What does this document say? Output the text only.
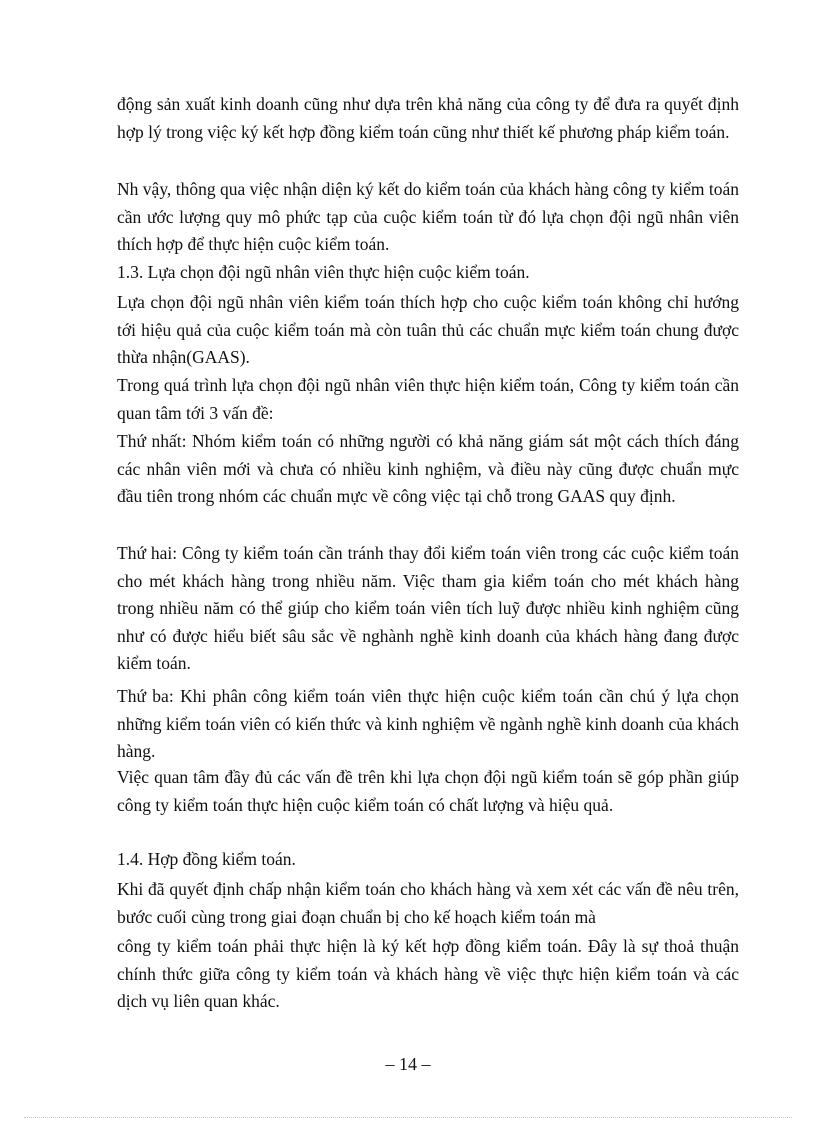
động sản xuất kinh doanh cũng như dựa trên khả năng của công ty để đưa ra quyết định hợp lý trong việc ký kết hợp đồng kiểm toán cũng như thiết kế phương pháp kiểm toán.

Nh vậy, thông qua việc nhận diện ký kết do kiểm toán của khách hàng công ty kiểm toán cần ước lượng quy mô phức tạp của cuộc kiểm toán từ đó lựa chọn đội ngũ nhân viên thích hợp để thực hiện cuộc kiểm toán.

1.3. Lựa chọn đội ngũ nhân viên thực hiện cuộc kiểm toán.

Lựa chọn đội ngũ nhân viên kiểm toán thích hợp cho cuộc kiểm toán không chỉ hướng tới hiệu quả của cuộc kiểm toán mà còn tuân thủ các chuẩn mực kiểm toán chung được thừa nhận(GAAS).

Trong quá trình lựa chọn đội ngũ nhân viên thực hiện kiểm toán, Công ty kiểm toán cần quan tâm tới 3 vấn đề:

Thứ nhất: Nhóm kiểm toán có những người có khả năng giám sát một cách thích đáng các nhân viên mới và chưa có nhiều kinh nghiệm, và điều này cũng được chuẩn mực đầu tiên trong nhóm các chuẩn mực về công việc tại chỗ trong GAAS quy định.

Thứ hai: Công ty kiểm toán cần tránh thay đổi kiểm toán viên trong các cuộc kiểm toán cho mét khách hàng trong nhiều năm. Việc tham gia kiểm toán cho mét khách hàng trong nhiều năm có thể giúp cho kiểm toán viên tích luỹ được nhiều kinh nghiệm cũng như có được hiểu biết sâu sắc về nghành nghề kinh doanh của khách hàng đang được kiểm toán.

Thứ ba: Khi phân công kiểm toán viên thực hiện cuộc kiểm toán cần chú ý lựa chọn những kiểm toán viên có kiến thức và kinh nghiệm về ngành nghề kinh doanh của khách hàng.

Việc quan tâm đầy đủ các vấn đề trên khi lựa chọn đội ngũ kiểm toán sẽ góp phần giúp công ty kiểm toán thực hiện cuộc kiểm toán có chất lượng và hiệu quả.

1.4. Hợp đồng kiểm toán.

Khi đã quyết định chấp nhận kiểm toán cho khách hàng và xem xét các vấn đề nêu trên, bước cuối cùng trong giai đoạn chuẩn bị cho kế hoạch kiểm toán mà

công ty kiểm toán phải thực hiện là ký kết hợp đồng kiểm toán. Đây là sự thoả thuận chính thức giữa công ty kiểm toán và khách hàng về việc thực hiện kiểm toán và các dịch vụ liên quan khác.

– 14 –
